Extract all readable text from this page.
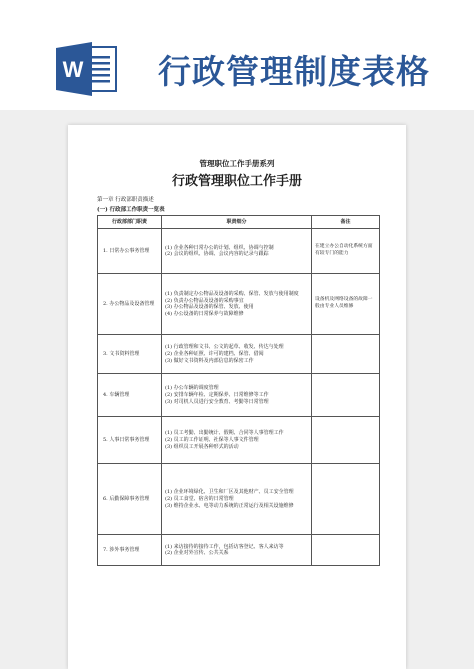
W 行政管理制度表格
管理职位工作手册系列
行政管理职位工作手册
第一章 行政部职责描述
(一) 行政部工作职责一览表
行政部部门职责	职责细分	备注
1. 日常办公事务管理	(1) 企业各种日常办公的计划、组织、协调与控制
(2) 会议的组织、协调、会议内容的记录与跟踪	在建立办公自动化系统方面有较专门的能力
2. 办公物品及设备管理	(1) 负责制定办公物品及设备的采购、保管、发放与使用制度
(2) 负责办公物品及设备的采购事宜
(3) 办公物品及设备的保管、发放、使用
(4) 办公设备的日常保养与故障维修	设备机及网络设备的故障一般由专业人员维修
3. 文书资料管理	(1) 行政管理和文书、公文的起草、收发、传达与处理
(2) 企业各种证照、许可的建档、保管、借阅
(3) 做好文书资料及内部信息的保密工作	

4. 车辆管理	(1) 办公车辆的调度管理
(2) 安排车辆年检、定期保养、日常维修等工作
(3) 对司机人员进行安全教育、考勤等日常管理	

5. 人事日常事务管理	(1) 员工考勤、出勤统计、假期、合同等人事管理工作
(2) 员工的工作证明、社保等人事文件管理
(3) 组织员工开展各种形式的活动	

6. 后勤保障事务管理	(1) 企业环境绿化、卫生和厂区及其他财产、员工安全管理
(2) 员工食堂、宿舍的日常管理
(3) 维持企业水、电等动力系统的正常运行及相关设施维修	

7. 涉外事务管理	(1) 来访接待的接待工作，包括访客登记、客人来访等
(2) 企业对外宣传、公共关系	
